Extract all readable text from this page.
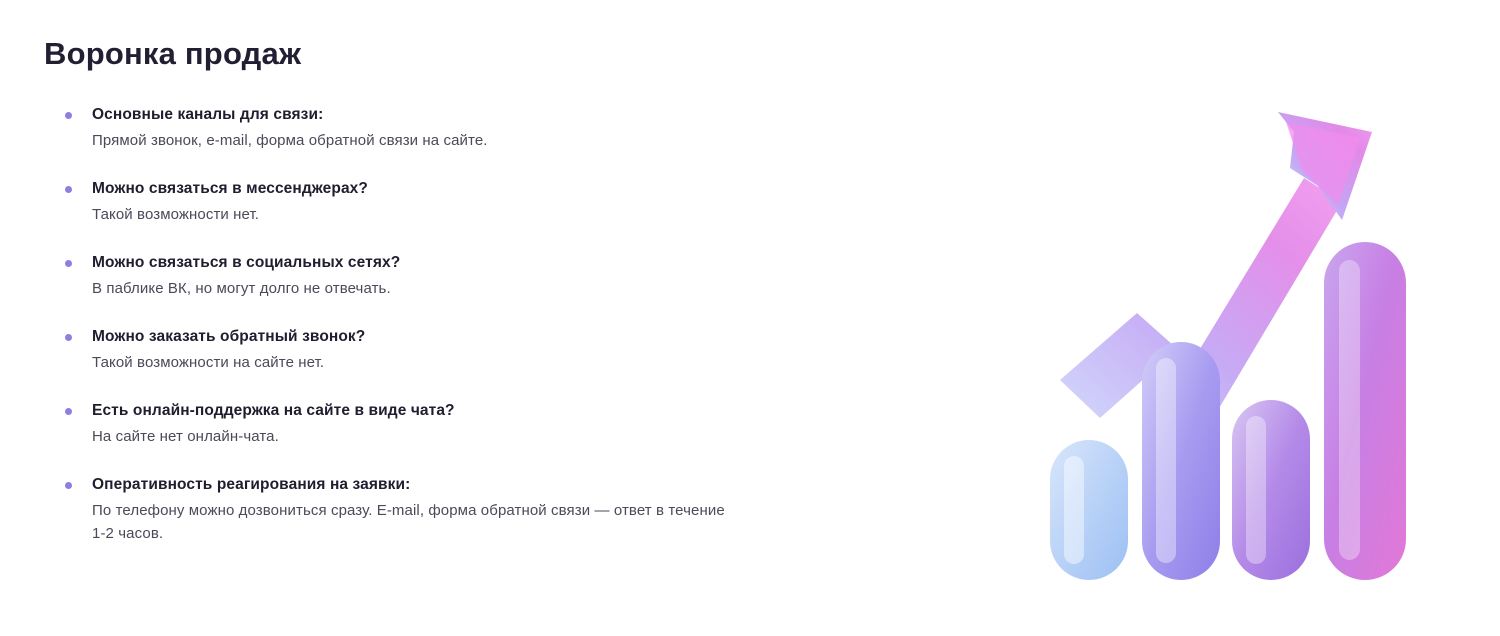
Воронка продаж
Основные каналы для связи:
Прямой звонок, e-mail, форма обратной связи на сайте.
Можно связаться в мессенджерах?
Такой возможности нет.
Можно связаться в социальных сетях?
В паблике ВК, но могут долго не отвечать.
Можно заказать обратный звонок?
Такой возможности на сайте нет.
Есть онлайн-поддержка на сайте в виде чата?
На сайте нет онлайн-чата.
Оперативность реагирования на заявки:
По телефону можно дозвониться сразу. E-mail, форма обратной связи — ответ в течение 1-2 часов.
